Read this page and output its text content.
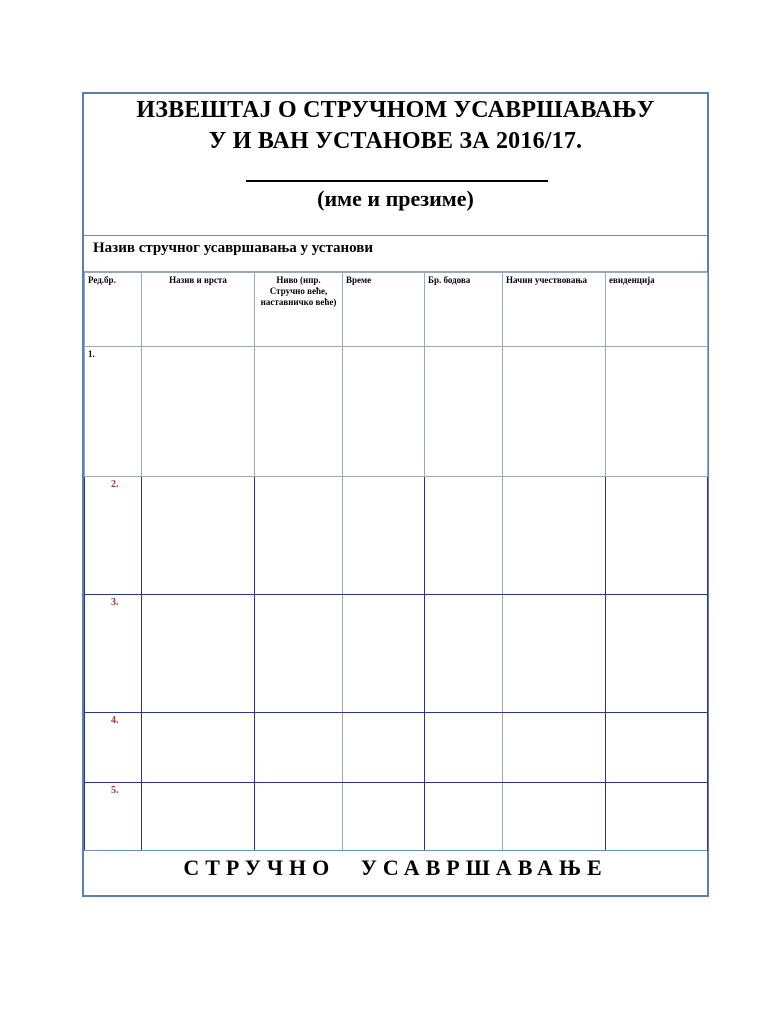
ИЗВЕШТАЈ О СТРУЧНОМ УСАВРШАВАЊУ
У И ВАН УСТАНОВЕ ЗА 2016/17.
(име и презиме)
Назив стручног усавршавања у установи
Ред.бр.	Назив и врста	Ниво (нпр. Стручно веће, наставничко веће)	Време	Бр. бодова	Начин учествовања	евиденција
1.						
2.						
3.						
4.						
5.						
СТРУЧНО УСАВРШАВАЊЕ
